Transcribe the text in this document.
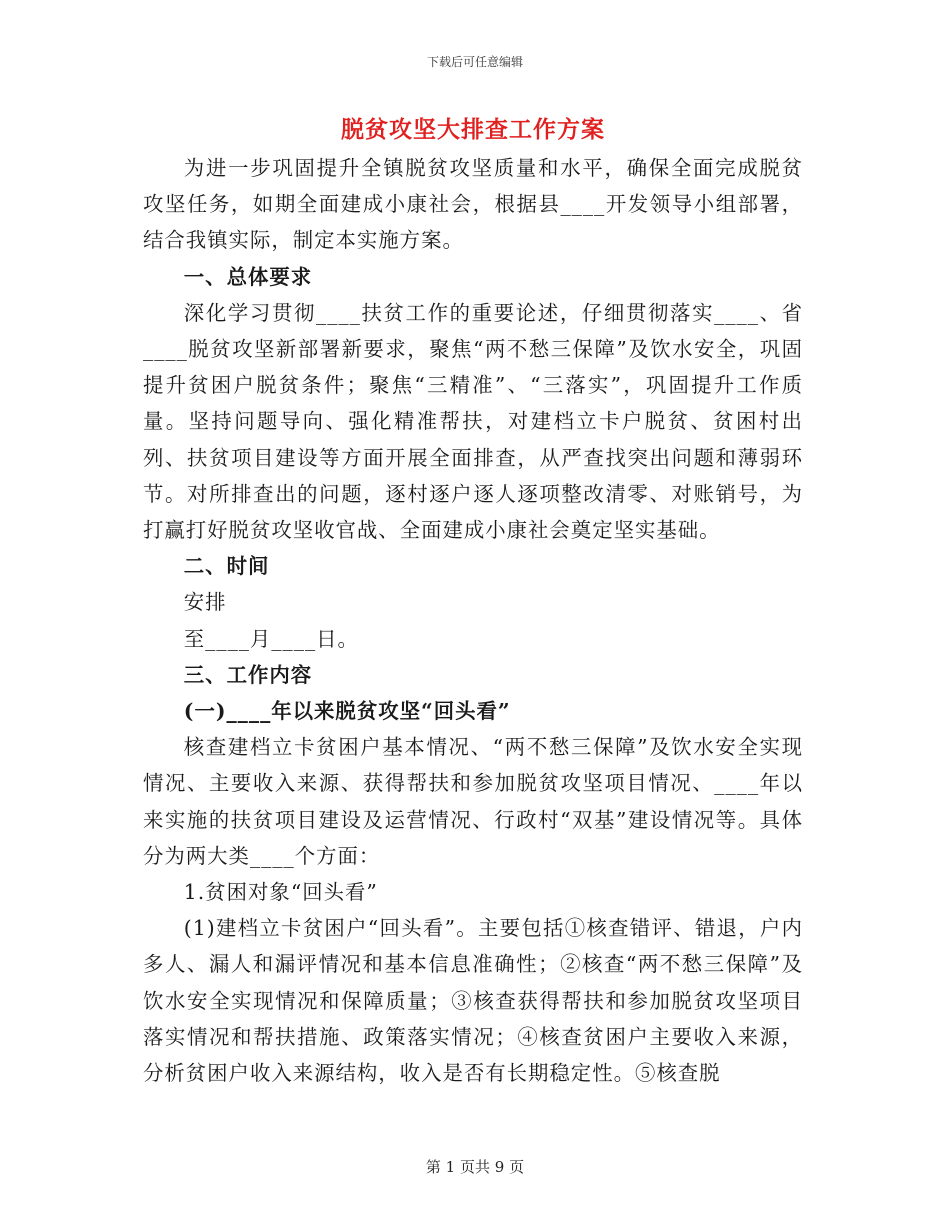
下载后可任意编辑
脱贫攻坚大排查工作方案

为进一步巩固提升全镇脱贫攻坚质量和水平，确保全面完成脱贫攻坚任务，如期全面建成小康社会，根据县____开发领导小组部署，结合我镇实际，制定本实施方案。

一、总体要求

深化学习贯彻____扶贫工作的重要论述，仔细贯彻落实____、省____脱贫攻坚新部署新要求，聚焦“两不愁三保障”及饮水安全，巩固提升贫困户脱贫条件；聚焦“三精准”、“三落实”，巩固提升工作质量。坚持问题导向、强化精准帮扶，对建档立卡户脱贫、贫困村出列、扶贫项目建设等方面开展全面排查，从严查找突出问题和薄弱环节。对所排查出的问题，逐村逐户逐人逐项整改清零、对账销号，为打赢打好脱贫攻坚收官战、全面建成小康社会奠定坚实基础。

二、时间

安排

至____月____日。

三、工作内容

(一)____年以来脱贫攻坚“回头看”

核查建档立卡贫困户基本情况、“两不愁三保障”及饮水安全实现情况、主要收入来源、获得帮扶和参加脱贫攻坚项目情况、____年以来实施的扶贫项目建设及运营情况、行政村“双基”建设情况等。具体分为两大类____个方面：

1.贫困对象“回头看”

(1)建档立卡贫困户“回头看”。主要包括①核查错评、错退，户内多人、漏人和漏评情况和基本信息准确性；②核查“两不愁三保障”及饮水安全实现情况和保障质量；③核查获得帮扶和参加脱贫攻坚项目落实情况和帮扶措施、政策落实情况；④核查贫困户主要收入来源，分析贫困户收入来源结构，收入是否有长期稳定性。⑤核查脱

第 1 页共 9 页
